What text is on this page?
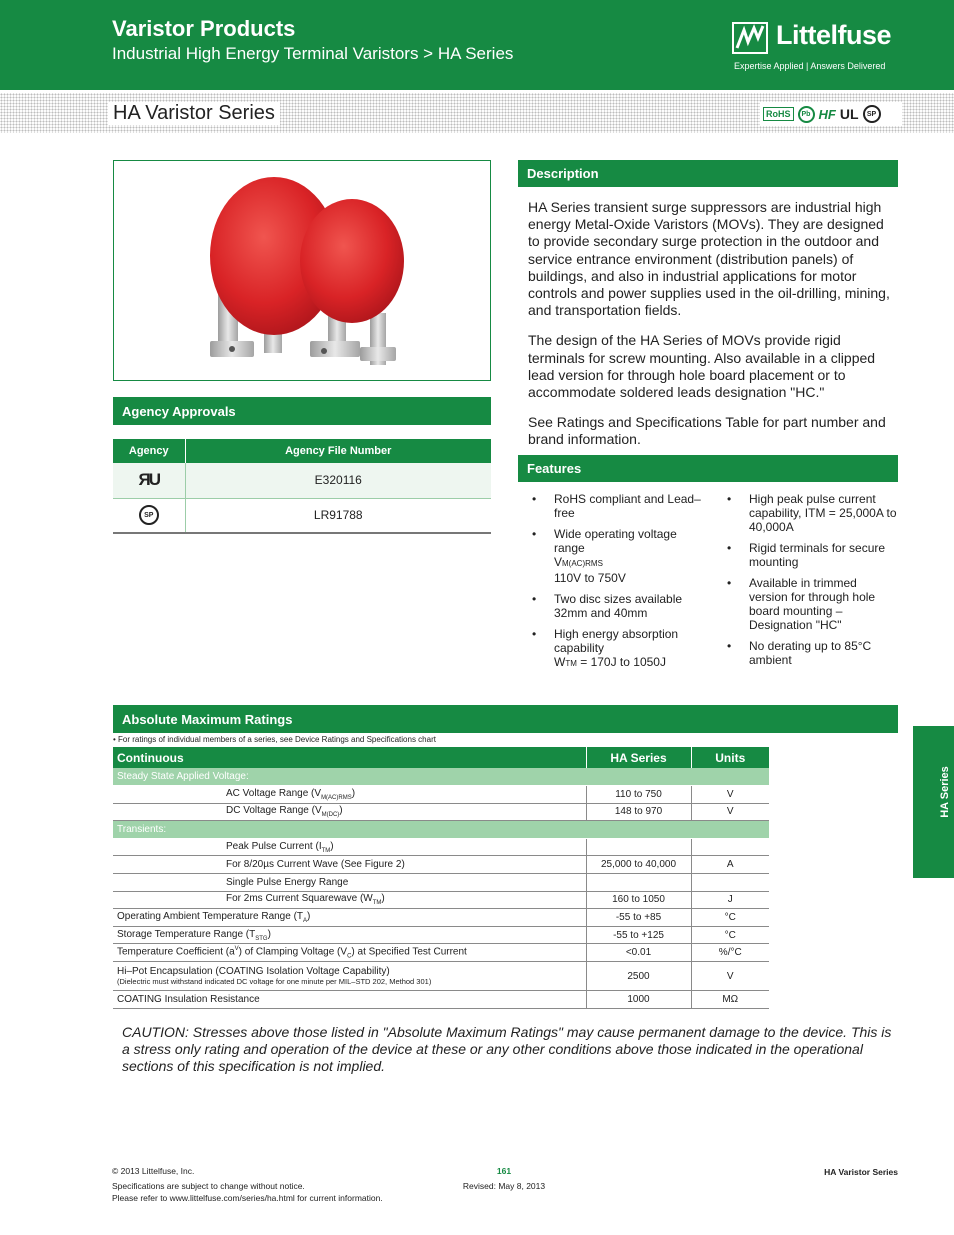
Varistor Products
Industrial High Energy Terminal Varistors > HA Series
Littelfuse
Expertise Applied | Answers Delivered
HA Varistor Series	RoHS	Pb HF UL	SP
Agency Approvals
Agency	Agency File Number
ЯU	E320116
SP	LR91788
Description

HA Series transient surge suppressors are industrial high energy Metal-Oxide Varistors (MOVs). They are designed to provide secondary surge protection in the outdoor and service entrance environment (distribution panels) of buildings, and also in industrial applications for motor controls and power supplies used in the oil-drilling, mining, and transportation fields.

The design of the HA Series of MOVs provide rigid terminals for screw mounting. Also available in a clipped lead version for through hole board placement or to accommodate soldered leads designation "HC."

See Ratings and Specifications Table for part number and brand information.

Features
• RoHS compliant and Lead–free
• Wide operating voltage range
VM(AC)RMS
110V to 750V
• Two disc sizes available 32mm and 40mm
• High energy absorption capability
WTM = 170J to 1050J
• High peak pulse current capability, ITM = 25,000A to 40,000A
• Rigid terminals for secure mounting
• Available in trimmed version for through hole board mounting – Designation "HC"
• No derating up to 85°C ambient
Absolute Maximum Ratings
• For ratings of individual members of a series, see Device Ratings and Specifications chart
Continuous	HA Series	Units
Steady State Applied Voltage:		
AC Voltage Range $(V_{M(AC)RMS})$	110 to 750	V
DC Voltage Range $(V_{M(DC)})$	148 to 970	V
Transients:		
Peak Pulse Current $(I_{TM})$		
For 8/20µs Current Wave (See Figure 2)	25,000 to 40,000	A
Single Pulse Energy Range		
For 2ms Current Squarewave $(W_{TM})$	160 to 1050	J
Operating Ambient Temperature Range $(T_A)$	-55 to +85	°C
Storage Temperature Range $(T_{STG})$	-55 to +125	°C
Temperature Coefficient $(a^V)$ of Clamping Voltage $(V_C)$ at Specified Test Current	<0.01	%/°C
Hi–Pot Encapsulation (COATING Isolation Voltage Capability)
(Dielectric must withstand indicated DC voltage for one minute per MIL–STD 202, Method 301)	2500	V
COATING Insulation Resistance	1000	MΩ
CAUTION: Stresses above those listed in "Absolute Maximum Ratings" may cause permanent damage to the device. This is a stress only rating and operation of the device at these or any other conditions above those indicated in the operational sections of this specification is not implied.
HA Series
© 2013 Littelfuse, Inc.
Specifications are subject to change without notice.
Please refer to www.littelfuse.com/series/ha.html for current information.
161
Revised: May 8, 2013
HA Varistor Series
